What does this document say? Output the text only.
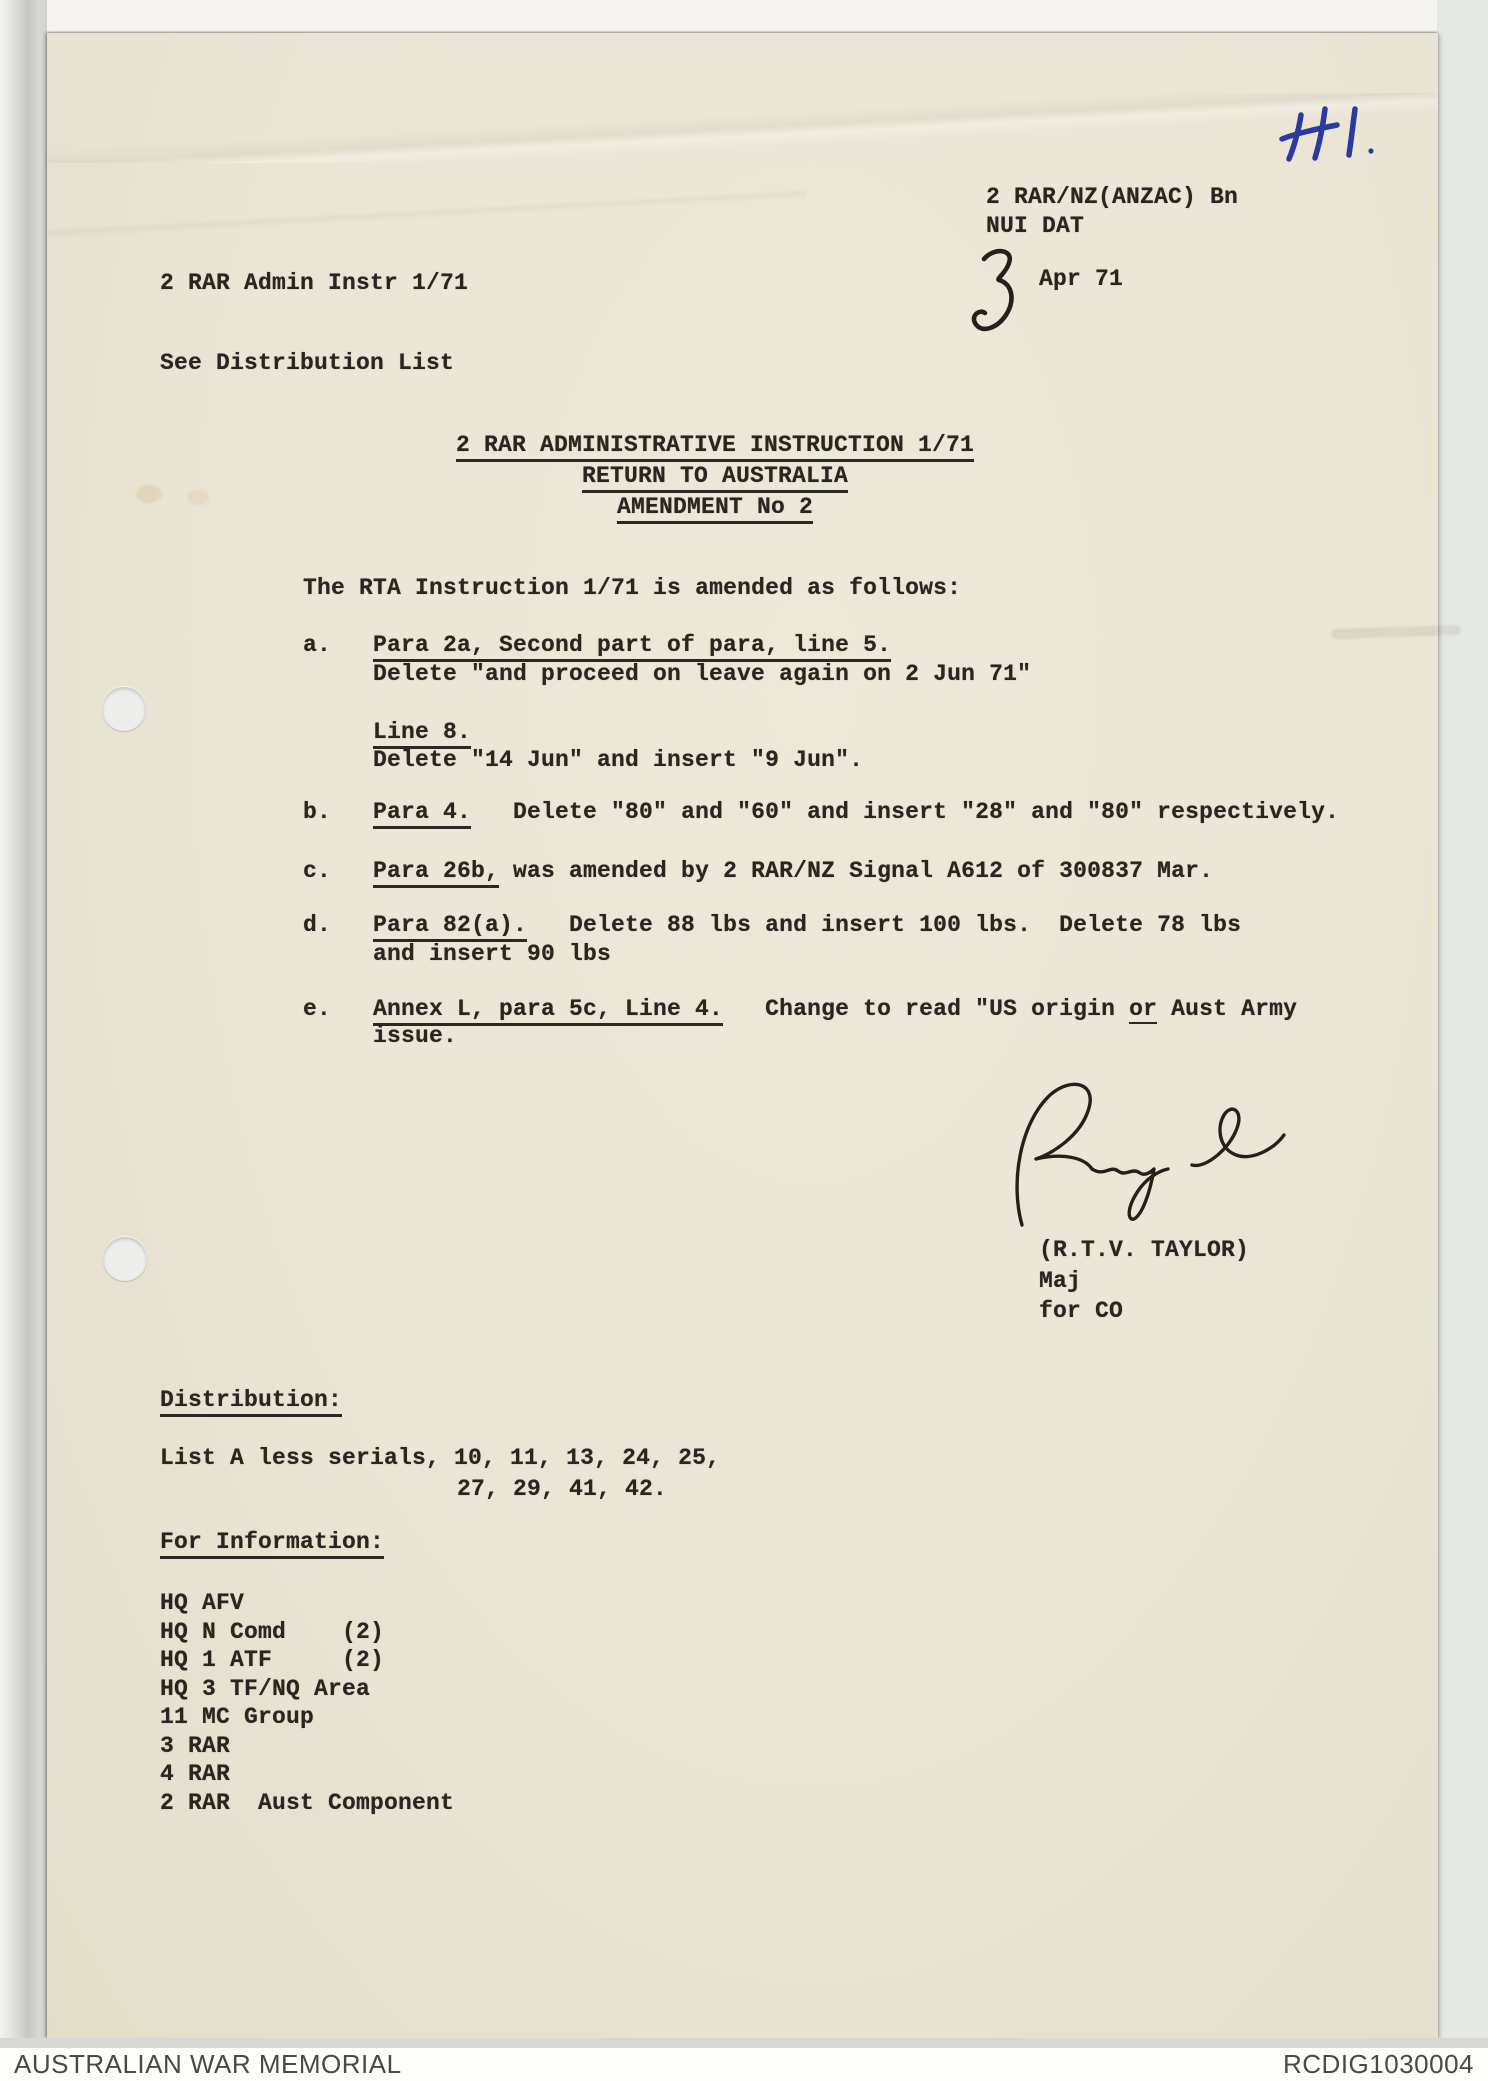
2 RAR/NZ(ANZAC) Bn
NUI DAT
2 RAR Admin Instr 1/71	Apr 71
See Distribution List
2 RAR ADMINISTRATIVE INSTRUCTION 1/71
RETURN TO AUSTRALIA
AMENDMENT No 2
The RTA Instruction 1/71 is amended as follows:
a. Para 2a, Second part of para, line 5.
Delete "and proceed on leave again on 2 Jun 71"
Line 8.
Delete "14 Jun" and insert "9 Jun".
b. Para 4.   Delete "80" and "60" and insert "28" and "80" respectively.
c. Para 26b, was amended by 2 RAR/NZ Signal A612 of 300837 Mar.
d. Para 82(a).   Delete 88 lbs and insert 100 lbs.  Delete 78 lbs
and insert 90 lbs
e. Annex L, para 5c, Line 4.   Change to read "US origin or Aust Army
issue.
(R.T.V. TAYLOR)
Maj
for CO
Distribution:
List A less serials, 10, 11, 13, 24, 25,
27, 29, 41, 42.
For Information:
HQ AFV
HQ N Comd    (2)
HQ 1 ATF     (2)
HQ 3 TF/NQ Area
11 MC Group
3 RAR
4 RAR
2 RAR  Aust Component
AUSTRALIAN WAR MEMORIAL	RCDIG1030004
